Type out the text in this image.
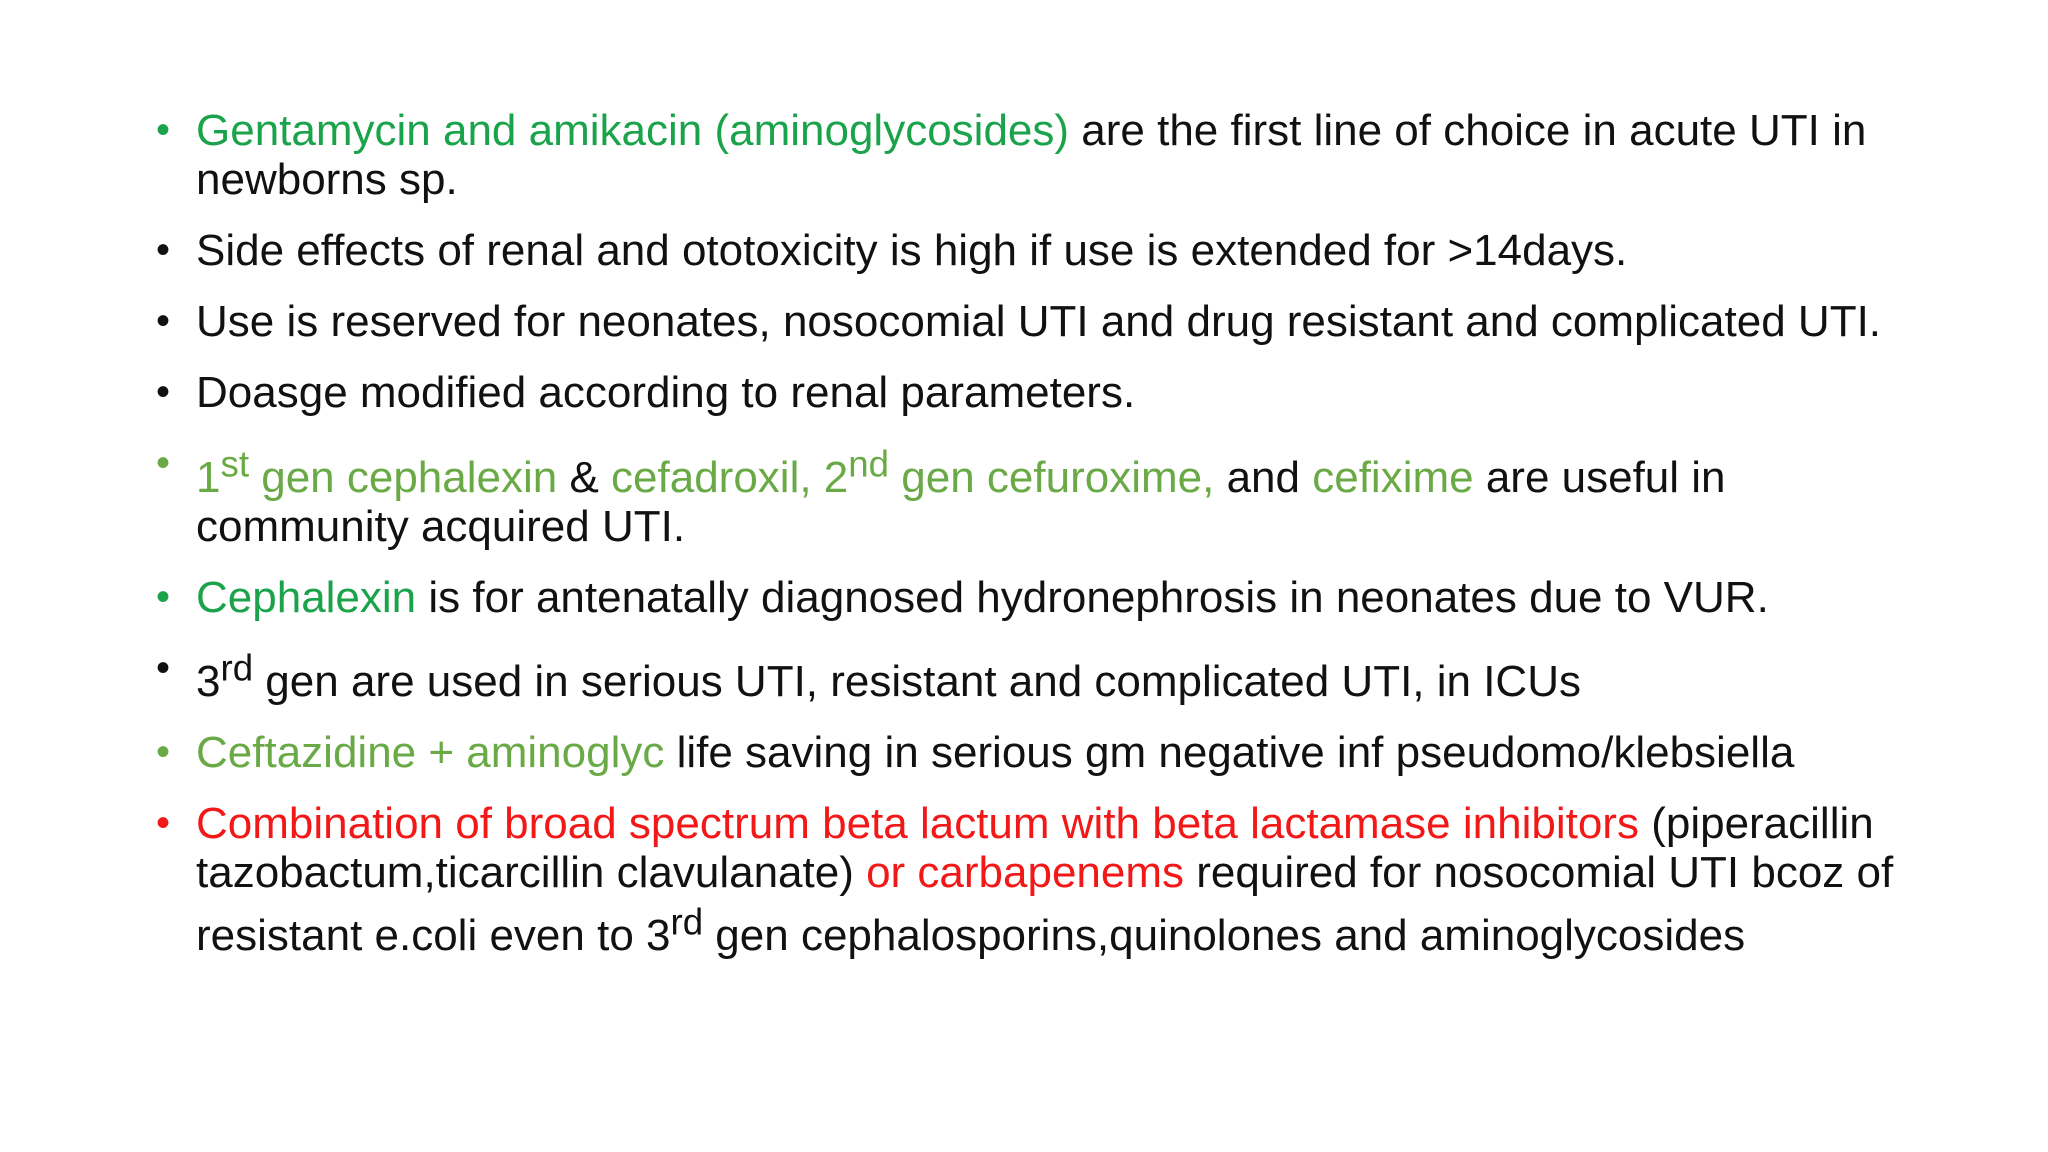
• Gentamycin and amikacin (aminoglycosides) are the first line of choice in acute UTI in newborns sp.
• Side effects of renal and ototoxicity is high if use is extended for >14days.
• Use is reserved for neonates, nosocomial UTI and drug resistant and complicated UTI.
• Doasge modified according to renal parameters.
• 1st gen cephalexin & cefadroxil, 2nd gen cefuroxime, and cefixime are useful in community acquired UTI.
• Cephalexin is for antenatally diagnosed hydronephrosis in neonates due to VUR.
• 3rd gen are used in serious UTI, resistant and complicated UTI, in ICUs
• Ceftazidine + aminoglyc life saving in serious gm negative inf pseudomo/klebsiella
• Combination of broad spectrum beta lactum with beta lactamase inhibitors (piperacillin tazobactum,ticarcillin clavulanate) or carbapenems required for nosocomial UTI bcoz of resistant e.coli even to 3rd gen cephalosporins,quinolones and aminoglycosides
